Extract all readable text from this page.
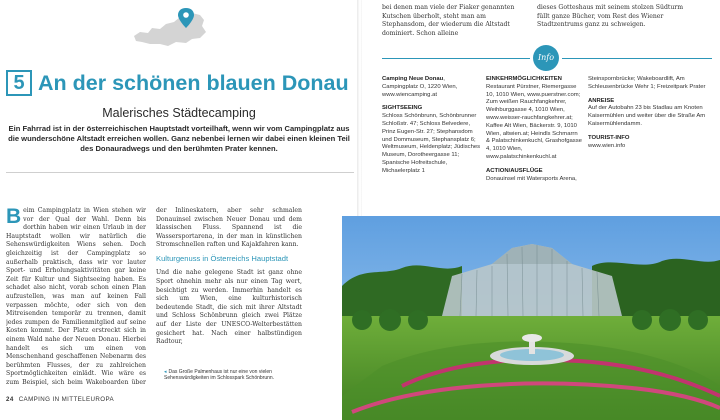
5 An der schönen blauen Donau
Malerisches Städtecamping
Ein Fahrrad ist in der österreichischen Hauptstadt vorteilhaft, wenn wir vom Campingplatz aus die wunderschöne Altstadt erreichen wollen. Ganz nebenbei lernen wir dabei einen kleinen Teil des Donauradwegs und den berühmten Prater kennen.
B eim Campingplatz in Wien stehen wir vor der Qual der Wahl. Denn bis dorthin haben wir einen Urlaub in der Hauptstadt wollen wir natürlich die Sehenswürdigkeiten Wiens sehen. Doch gleichzeitig ist der Campingplatz so außerhalb praktisch, dass wir vor lauter Sport- und Erholungsaktivitäten gar keine Zeit für Kultur und Sightseeing haben. Es schadet also nicht, vorab schon einen Plan aufzustellen, was man auf keinen Fall verpassen möchte, oder sich von den Mitreisenden temporär zu trennen, damit jedes zumpen de Familienmitglied auf seine Kosten kommt. Der Platz erstreckt sich in einem Wald nahe der Neuen Donau. Hierbei handelt es sich um einen von Menschenhand geschaffenen Nebenarm des berühmten Flusses, der zu zahlreichen Sportmöglichkeiten einlädt. Wie wäre es zum Beispiel, sich beim Wakeboarden über
der Inlineskatern, aber sehr schmalen Donauinsel zwischen Neuer Donau und dem klassischen Fluss. Spannend ist die Wassersportarena, in der man in künstlichen Stromschnellen raften und Kajakfahren kann.
Kulturgenuss in Österreichs Hauptstadt
Und die nahe gelegene Stadt ist ganz ohne Sport ohnehin mehr als nur einen Tag wert, besichtigt zu werden. Immerhin handelt es sich um Wien, eine kulturhistorisch bedeutende Stadt, die sich mit ihrer Altstadt und Schloss Schönbrunn gleich zwei Plätze auf der Liste der UNESCO-Welterbestätten gesichert hat. Nach einer halbstündigen Radtour,
◂ Das Große Palmenhaus ist nur eine von vielen Sehenswürdigkeiten im Schlosspark Schönbrunn.
24 CAMPING IN MITTELEUROPA
bei denen man viele der Fiaker genannten Kutschen überholt, steht man am Stephansdom, der wiederum die Altstadt dominiert. Schon alleine
dieses Gotteshaus mit seinem stolzen Südturm füllt ganze Bücher, vom Rest des Wiener Stadtzentrums ganz zu schweigen.
Info
Camping Neue Donau, Campingplatz O, 1220 Wien, www.wiencamping.at
SIGHTSEEING
Schloss Schönbrunn, Schönbrunner Schloßstr. 47; Schloss Belvedere, Prinz Eugen-Str. 27; Stephansdom und Dommuseum, Stephansplatz 6; Weltmuseum, Heldenplatz; Jüdisches Museum, Dorotheergasse 11; Spanische Hofreitschule, Michaelerplatz 1
EINKEHRMÖGLICHKEITEN
Restaurant Pürstner, Riemergasse 10, 1010 Wien, www.puerstner.com; Zum weißen Rauchfangkehrer, Weihburggasse 4, 1010 Wien, www.weisser-rauchfangkehrer.at; Kaffee Alt Wien, Bäckerstr. 9, 1010 Wien, altwien.at; Heindls Schmarrn & Palatschinkenkuchl, Grashofgasse 4, 1010 Wien, www.palatschinkenkuchl.at
ACTION/AUSFLÜGE
Donauinsel mit Watersports Arena,
Steinspornbrücke; Wakeboardlift, Am Schleusenbrücke Wehr 1; Freizeitpark Prater
ANREISE
Auf der Autobahn 23 bis Stadlau am Knoten Kaisermühlen und weiter über die Straße Am Kaisermühlendamm.
TOURIST-INFO
www.wien.info
